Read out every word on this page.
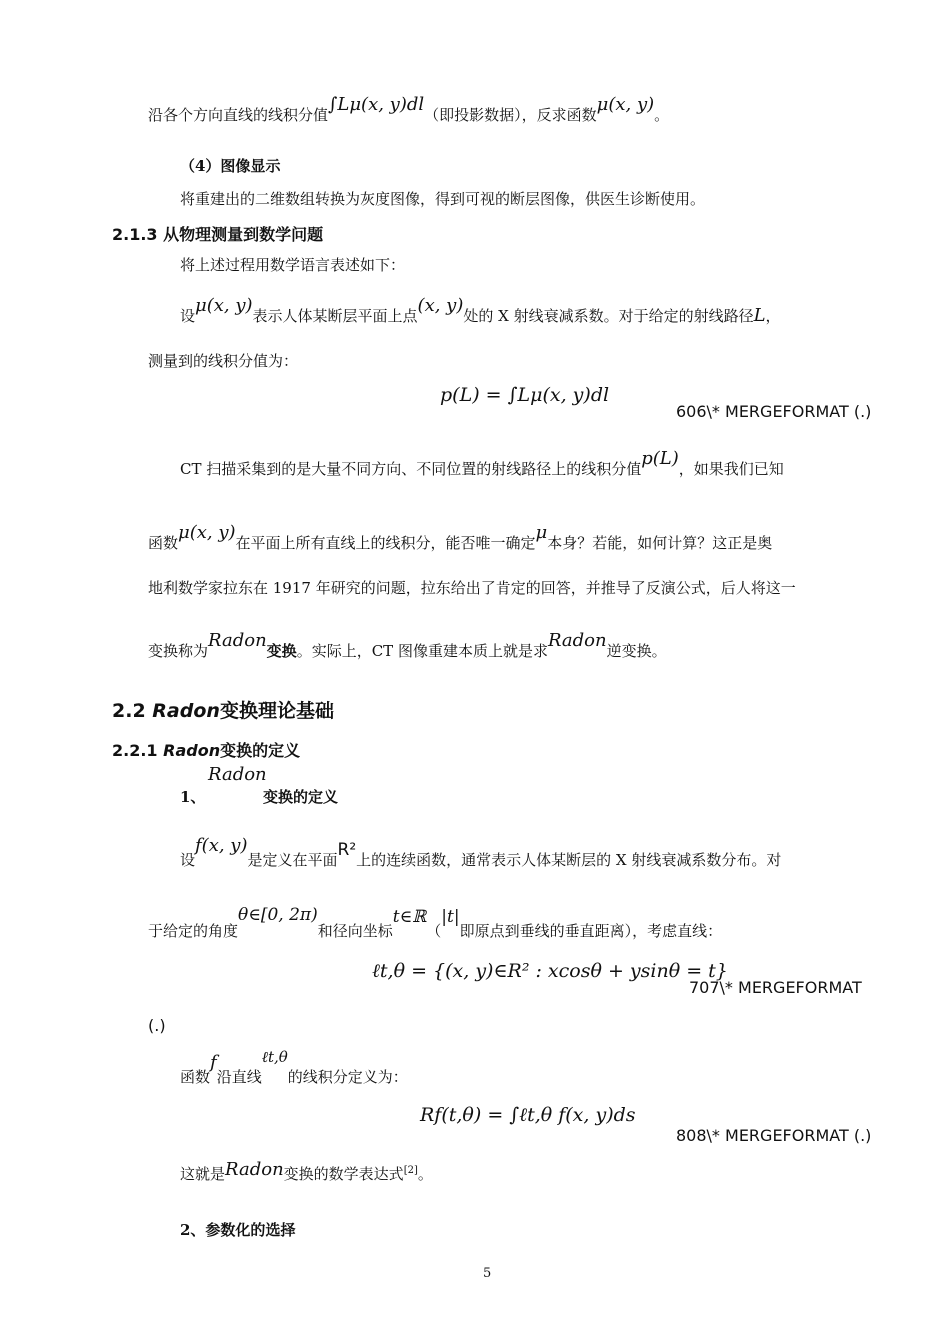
沿各个方向直线的线积分值∫Lμ(x, y)dl（即投影数据），反求函数μ(x, y)。
（4）图像显示
将重建出的二维数组转换为灰度图像，得到可视的断层图像，供医生诊断使用。
2.1.3 从物理测量到数学问题
将上述过程用数学语言表述如下：
设μ(x, y)表示人体某断层平面上点(x, y)处的 X 射线衰减系数。对于给定的射线路径L，
测量到的线积分值为：
p(L) = ∫Lμ(x, y)dl
606\* MERGEFORMAT (.)
CT 扫描采集到的是大量不同方向、不同位置的射线路径上的线积分值p(L)，如果我们已知
函数μ(x, y)在平面上所有直线上的线积分，能否唯一确定μ本身？若能，如何计算？这正是奥
地利数学家拉东在 1917 年研究的问题，拉东给出了肯定的回答，并推导了反演公式，后人将这一
变换称为Radon变换。实际上，CT 图像重建本质上就是求Radon逆变换。
2.2 Radon变换理论基础
2.2.1 Radon变换的定义
1、
Radon
变换的定义
设f(x, y)是定义在平面R²上的连续函数，通常表示人体某断层的 X 射线衰减系数分布。对
于给定的角度θ∈[0, 2π)和径向坐标t∈ℝ（|t|即原点到垂线的垂直距离），考虑直线：
ℓt,θ = {(x, y)∈R² : xcosθ + ysinθ = t}
707\* MERGEFORMAT
(.)
函数f沿直线ℓt,θ的线积分定义为：
Rf(t,θ) = ∫ℓt,θ f(x, y)ds
808\* MERGEFORMAT (.)
这就是Radon变换的数学表达式[2]。
2、参数化的选择
5
